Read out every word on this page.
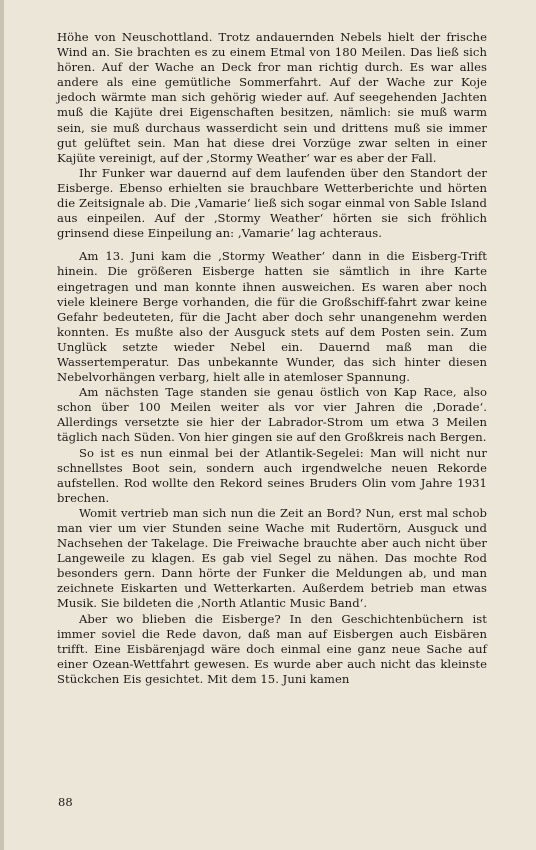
Höhe von Neuschottland. Trotz andauernden Nebels hielt der frische Wind an. Sie brachten es zu einem Etmal von 180 Meilen. Das ließ sich hören. Auf der Wache an Deck fror man richtig durch. Es war alles andere als eine gemütliche Sommerfahrt. Auf der Wache zur Koje jedoch wärmte man sich gehörig wieder auf. Auf seegehenden Jachten muß die Kajüte drei Eigenschaften besitzen, nämlich: sie muß warm sein, sie muß durchaus wasserdicht sein und drittens muß sie immer gut gelüftet sein. Man hat diese drei Vorzüge zwar selten in einer Kajüte vereinigt, auf der ‚Stormy Weather‘ war es aber der Fall.

Ihr Funker war dauernd auf dem laufenden über den Standort der Eisberge. Ebenso erhielten sie brauchbare Wetterberichte und hörten die Zeitsignale ab. Die ‚Vamarie‘ ließ sich sogar einmal von Sable Island aus einpeilen. Auf der ‚Stormy Weather‘ hörten sie sich fröhlich grinsend diese Einpeilung an: ‚Vamarie‘ lag achteraus.

Am 13. Juni kam die ‚Stormy Weather‘ dann in die Eisberg-Trift hinein. Die größeren Eisberge hatten sie sämtlich in ihre Karte eingetragen und man konnte ihnen ausweichen. Es waren aber noch viele kleinere Berge vorhanden, die für die Großschiff-fahrt zwar keine Gefahr bedeuteten, für die Jacht aber doch sehr unangenehm werden konnten. Es mußte also der Ausguck stets auf dem Posten sein. Zum Unglück setzte wieder Nebel ein. Dauernd maß man die Wassertemperatur. Das unbekannte Wunder, das sich hinter diesen Nebelvorhängen verbarg, hielt alle in atemloser Spannung.

Am nächsten Tage standen sie genau östlich von Kap Race, also schon über 100 Meilen weiter als vor vier Jahren die ‚Dorade‘. Allerdings versetzte sie hier der Labrador-Strom um etwa 3 Meilen täglich nach Süden. Von hier gingen sie auf den Großkreis nach Bergen.

So ist es nun einmal bei der Atlantik-Segelei: Man will nicht nur schnellstes Boot sein, sondern auch irgendwelche neuen Rekorde aufstellen. Rod wollte den Rekord seines Bruders Olin vom Jahre 1931 brechen.

Womit vertrieb man sich nun die Zeit an Bord? Nun, erst mal schob man vier um vier Stunden seine Wache mit Rudertörn, Ausguck und Nachsehen der Takelage. Die Freiwache brauchte aber auch nicht über Langeweile zu klagen. Es gab viel Segel zu nähen. Das mochte Rod besonders gern. Dann hörte der Funker die Meldungen ab, und man zeichnete Eiskarten und Wetterkarten. Außerdem betrieb man etwas Musik. Sie bildeten die ‚North Atlantic Music Band‘.

Aber wo blieben die Eisberge? In den Geschichtenbüchern ist immer soviel die Rede davon, daß man auf Eisbergen auch Eisbären trifft. Eine Eisbärenjagd wäre doch einmal eine ganz neue Sache auf einer Ozean-Wettfahrt gewesen. Es wurde aber auch nicht das kleinste Stückchen Eis gesichtet. Mit dem 15. Juni kamen

88
